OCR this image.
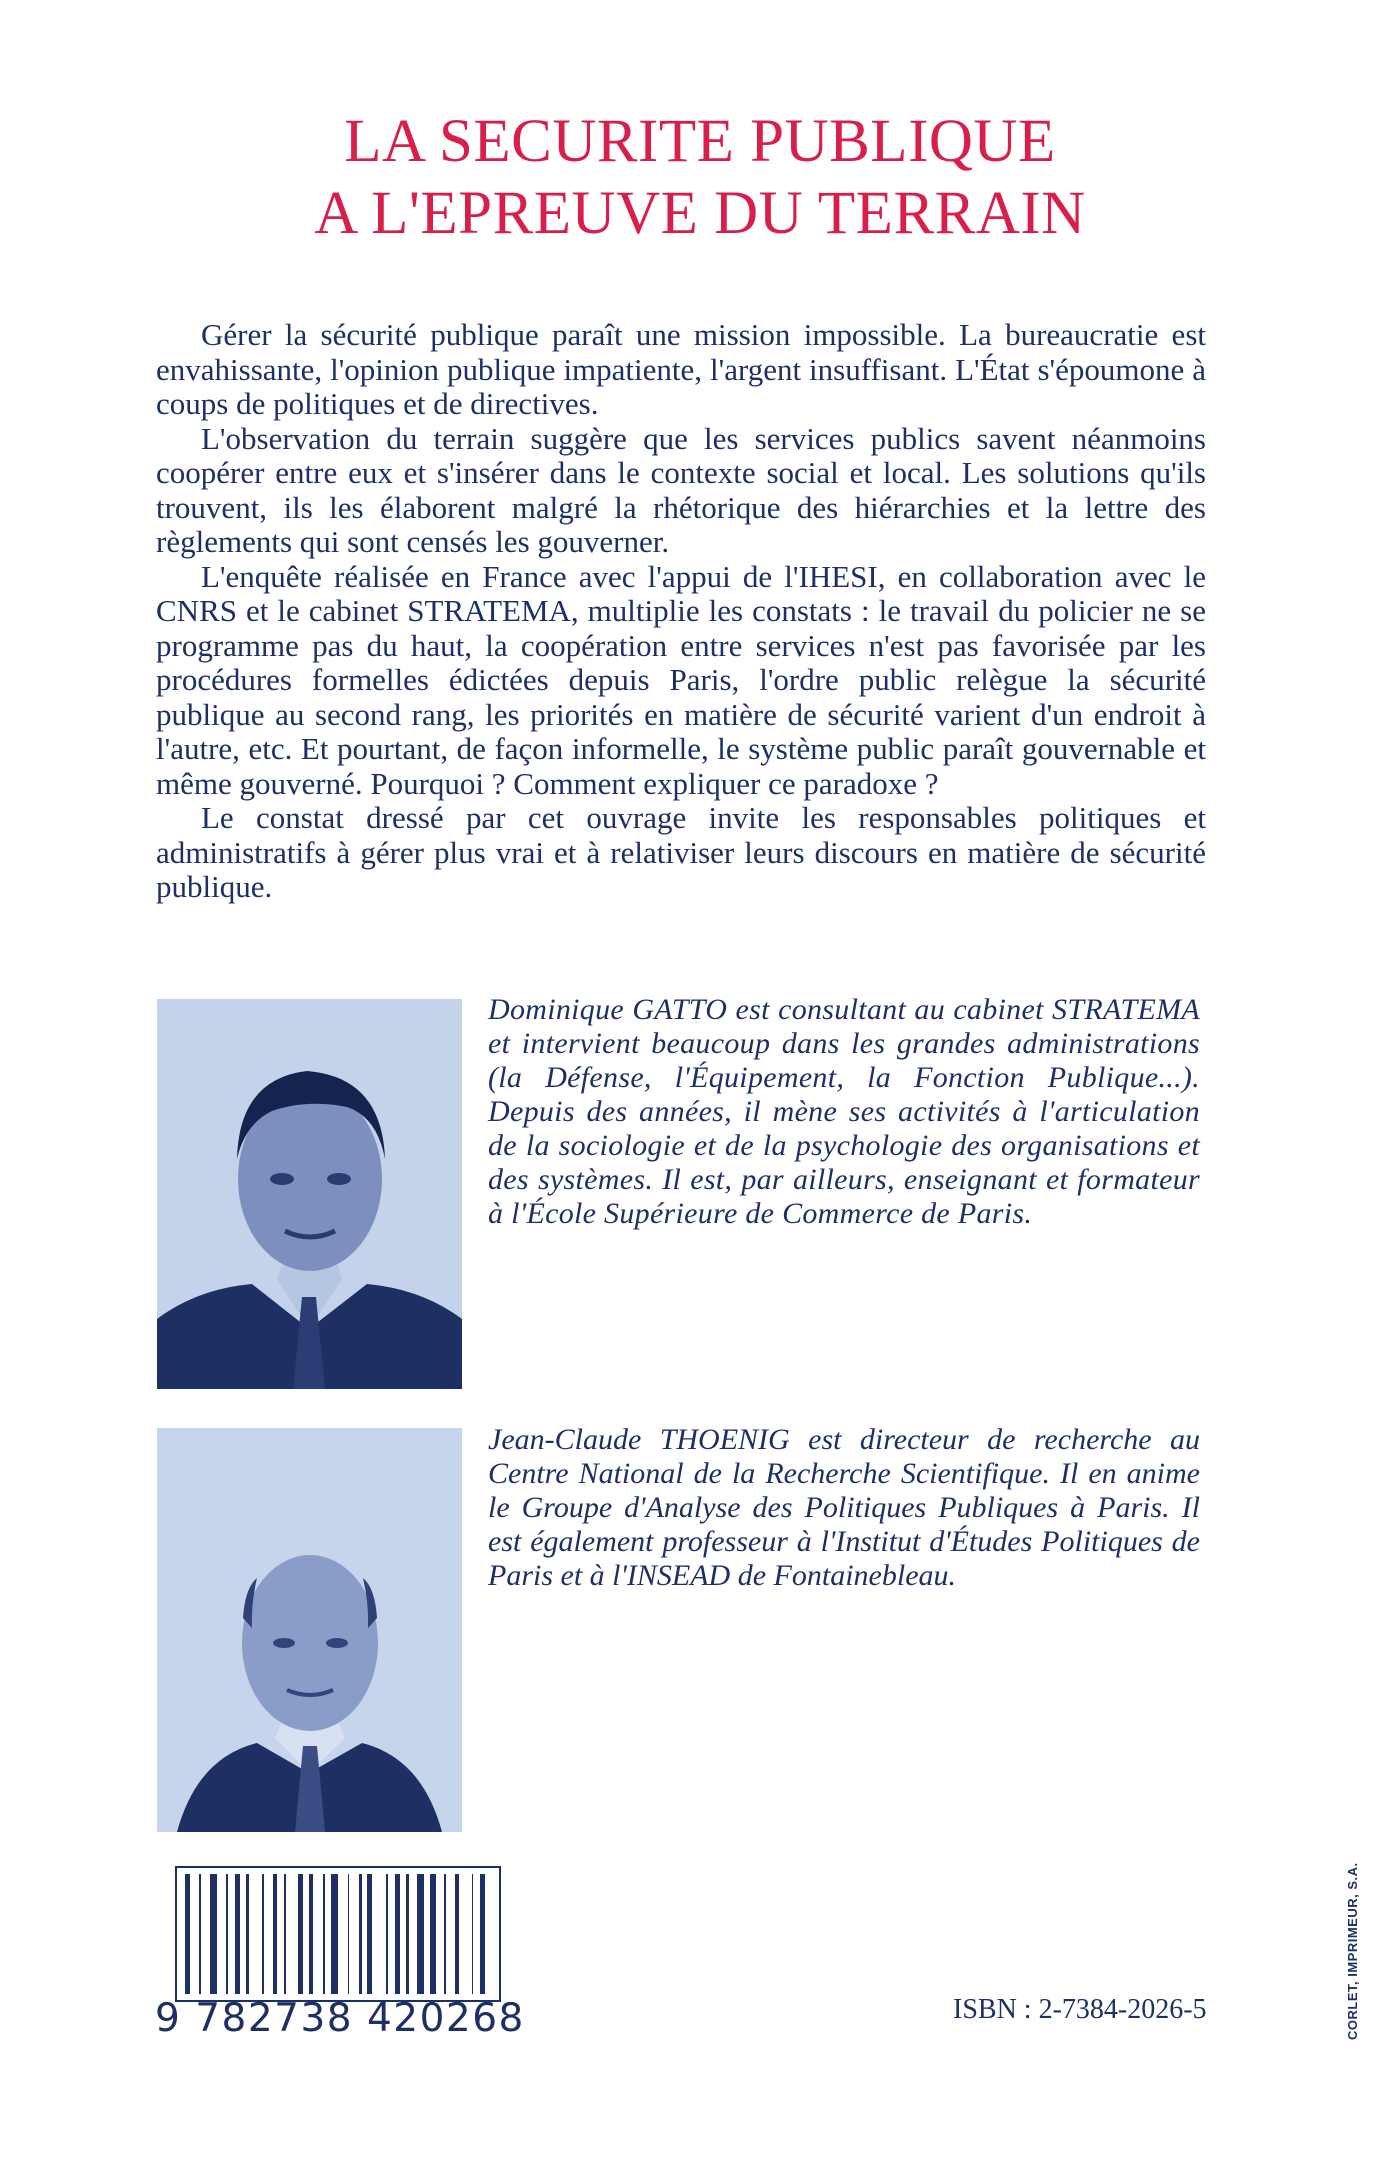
LA SECURITE PUBLIQUE
A L'EPREUVE DU TERRAIN

Gérer la sécurité publique paraît une mission impossible. La bureaucratie est envahissante, l'opinion publique impatiente, l'argent insuffisant. L'État s'époumone à coups de politiques et de directives.

L'observation du terrain suggère que les services publics savent néanmoins coopérer entre eux et s'insérer dans le contexte social et local. Les solutions qu'ils trouvent, ils les élaborent malgré la rhétorique des hiérarchies et la lettre des règlements qui sont censés les gouverner.

L'enquête réalisée en France avec l'appui de l'IHESI, en collaboration avec le CNRS et le cabinet STRATEMA, multiplie les constats : le travail du policier ne se programme pas du haut, la coopération entre services n'est pas favorisée par les procédures formelles édictées depuis Paris, l'ordre public relègue la sécurité publique au second rang, les priorités en matière de sécurité varient d'un endroit à l'autre, etc. Et pourtant, de façon informelle, le système public paraît gouvernable et même gouverné. Pourquoi ? Comment expliquer ce paradoxe ?

Le constat dressé par cet ouvrage invite les responsables politiques et administratifs à gérer plus vrai et à relativiser leurs discours en matière de sécurité publique.

Dominique GATTO est consultant au cabinet STRATEMA et intervient beaucoup dans les grandes administrations (la Défense, l'Équipement, la Fonction Publique...). Depuis des années, il mène ses activités à l'articulation de la sociologie et de la psychologie des organisations et des systèmes. Il est, par ailleurs, enseignant et formateur à l'École Supérieure de Commerce de Paris.
Jean-Claude THOENIG est directeur de recherche au Centre National de la Recherche Scientifique. Il en anime le Groupe d'Analyse des Politiques Publiques à Paris. Il est également professeur à l'Institut d'Études Politiques de Paris et à l'INSEAD de Fontainebleau.
9 782738 420268	ISBN : 2-7384-2026-5	CORLET, IMPRIMEUR, S.A.
